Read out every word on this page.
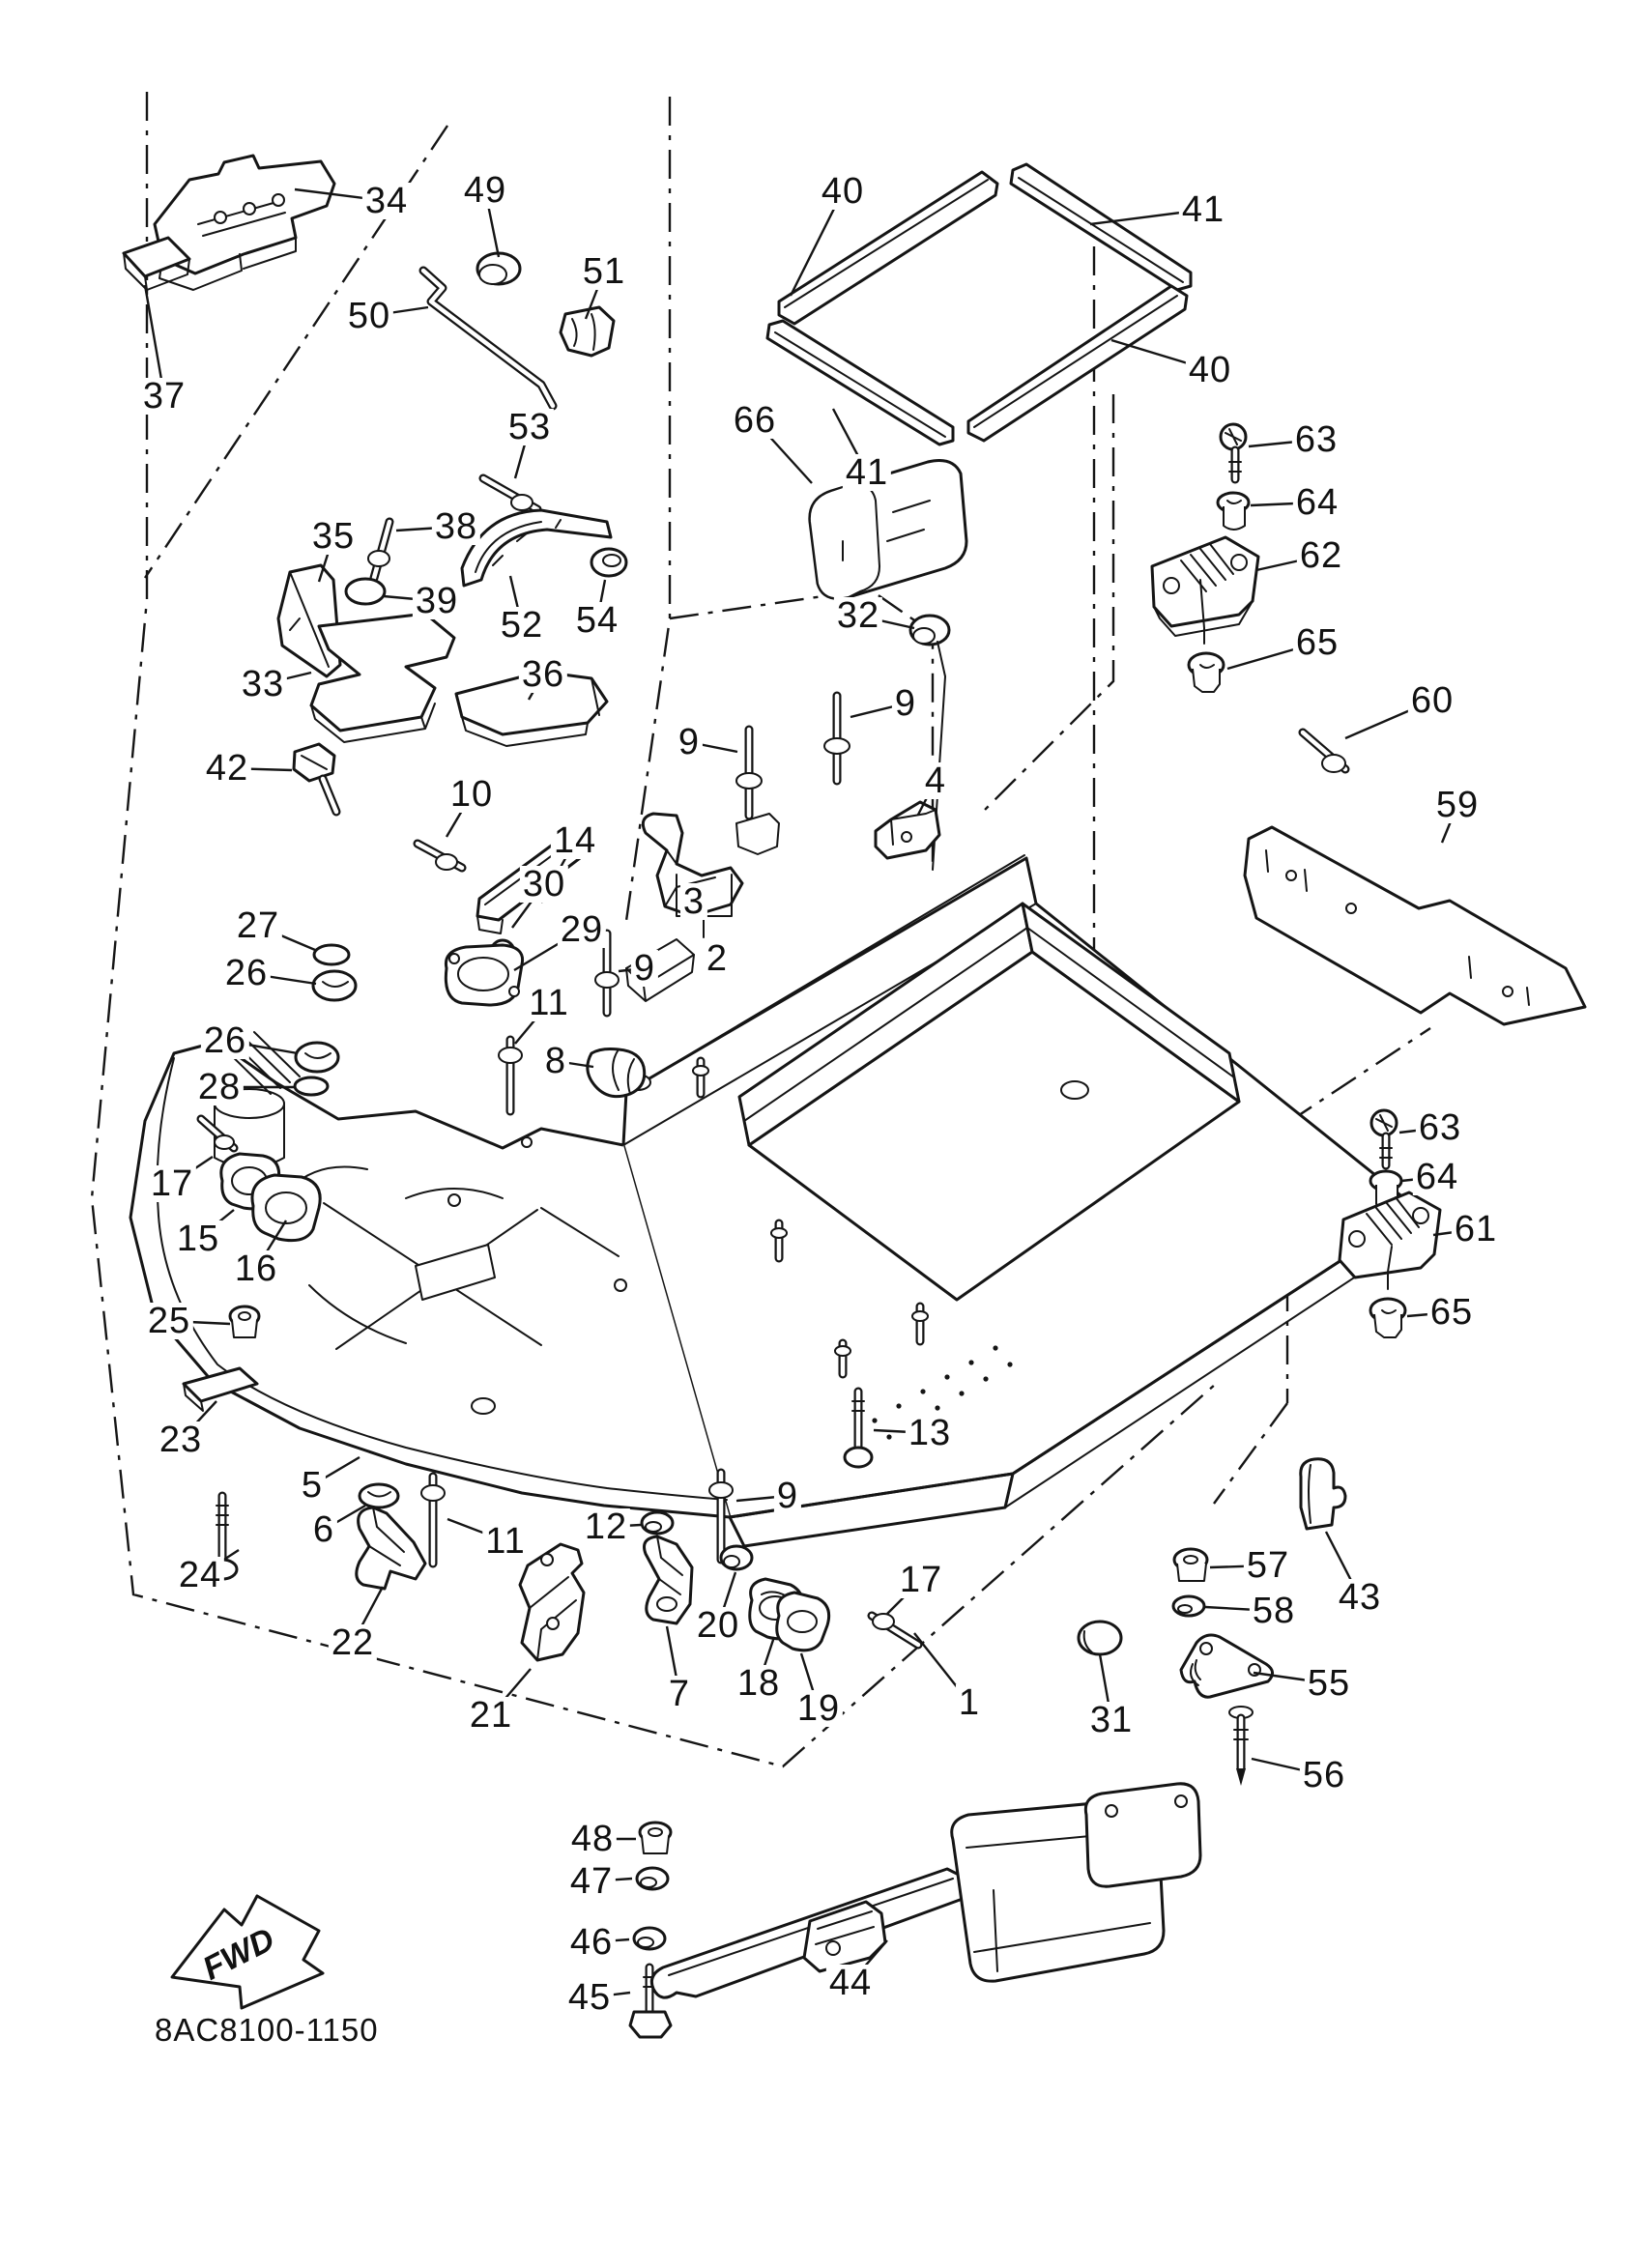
FWD
34 49	40	41
50
51
37
53
41
40
66	63
64
62
32
65
38
35
39	54
52
33	36
60
59
9
9
42	4
10
14
30	3
27	29
2
9
26
11
26	8
28
63
17	64
61
15
16
25	65
23	13
5	9
6	12
11
57
24	17	43
58
20
22
18
7	55
19
21	1	31
56
48
47
46
45	44
8AC8100-1150
